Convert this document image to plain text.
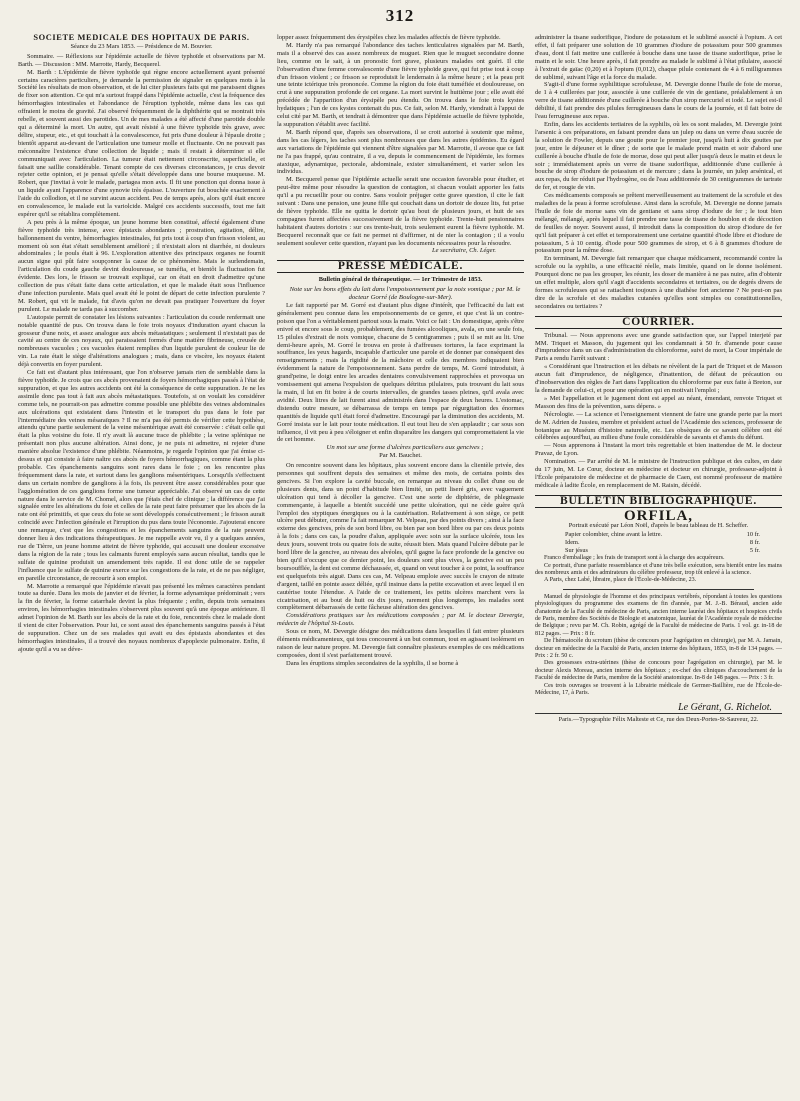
312
SOCIÉTÉ MÉDICALE DES HOPITAUX DE PARIS.
Séance du 23 Mars 1853. — Présidence de M. Bouvier.

Sommaire. — Réflexions sur l'épidémie actuelle de fièvre typhoïde et observations par M. Barth. — Discussion : MM. Marrotte, Hardy, Becquerel.

M. Barth : L'épidémie de fièvre typhoïde qui règne encore actuellement ayant présenté certains caractères particuliers, je demande la permission de signaler en quelques mots à la Société les résultats de mon observation, et de lui citer plusieurs faits qui me paraissent dignes de fixer son attention. Ce qui m'a surtout frappé dans l'épidémie actuelle, c'est la fréquence des hémorrhagies intestinales et l'abondance de l'éruption typhoïde, même dans les cas qui offraient le moins de gravité. J'ai observé fréquemment de la diphthérite qui se montrait très rebelle, et souvent aussi des parotides. Un de mes malades a été affecté d'une parotide double qui a déterminé la mort. Un autre, qui avait résisté à une fièvre typhoïde très grave, avec délire, stupeur, etc., et qui touchait à la convalescence, fut pris d'une douleur à l'épaule droite ; bientôt apparut au-devant de l'articulation une tumeur molle et fluctuante. On ne pouvait pas méconnaître l'existence d'une collection de liquide ; mais il restait à déterminer si elle communiquait avec l'articulation. La tumeur était nettement circonscrite, superficielle, et faisait une saillie considérable. Tenant compte de ces diverses circonstances, je crus devoir rejeter cette opinion, et je pensai qu'elle s'était développée dans une bourse muqueuse. M. Robert, que j'invitai à voir le malade, partagea mon avis. Il fit une ponction qui donna issue à un liquide ayant l'apparence d'une synovie très épaisse. L'ouverture fut bouchée exactement à l'aide du collodion, et il ne survint aucun accident. Peu de temps après, alors qu'il était encore en convalescence, le malade eut la variolcide. Malgré ces accidents successifs, tout me fait espérer qu'il se rétablira complètement.

A peu près à la même époque, un jeune homme bien constitué, affecté également d'une fièvre typhoïde très intense, avec épistaxis abondantes ; prostration, agitation, délire, ballonnement du ventre, hémorrhagies intestinales, fut pris tout à coup d'un frisson violent, au moment où son état s'était sensiblement amélioré ; il n'existait alors ni diarrhée, ni douleurs abdominales ; le pouls était à 96. L'exploration attentive des principaux organes ne fournit aucun signe qui pût faire soupçonner la cause de ce phénomène. Mais le surlendemain, l'articulation du coude gauche devint douloureuse, se tuméfia, et bientôt la fluctuation fut évidente. Des lors, le frisson se trouvait expliqué, car on était en droit d'admettre qu'une collection de pus s'était faite dans cette articulation, et que le malade était sous l'influence d'une infection purulente. Mais quel avait été le point de départ de cette infection purulente ? M. Robert, qui vit le malade, fut d'avis qu'on ne devait pas pratiquer l'ouverture du foyer purulent. Le malade ne tarda pas à succomber.

L'autopsie permit de constater les lésions suivantes : l'articulation du coude renfermait une notable quantité de pus. On trouva dans le foie trois noyaux d'induration ayant chacun la grosseur d'une noix, et assez analogue aux abcès métastatiques ; seulement il n'existait pas de cavité au centre de ces noyaux, qui paraissaient formés d'une matière fibrineuse, creusée de nombreuses vacuoles ; ces vacuoles étaient remplies d'un liquide purulent de couleur lie de vin. La rate était le siège d'altérations analogues ; mais, dans ce viscère, les noyaux étaient déjà convertis en foyer purulent.

Ce fait est d'autant plus intéressant, que l'on n'observe jamais rien de semblable dans la fièvre typhoïde. Je crois que ces abcès provenaient de foyers hémorrhagiques passés à l'état de suppuration, et que les autres accidents ont été la conséquence de cette suppuration. Je ne les assimile donc pas tout à fait aux abcès métastatiques. Toutefois, si on voulait les considérer comme tels, ne pourrait-on pas admettre comme possible une phlébite des veines abdominales aux ulcérations qui existaient dans l'intestin et le transport du pus dans le foie par l'intermédiaire des veines mésaraïques ? Il ne m'a pas été permis de vérifier cette hypothèse, attendu qu'une partie seulement de la veine mésentérique avait été conservée : c'était celle qui était la plus voisine du foie. Il n'y avait là aucune trace de phlébite ; la veine splénique ne présentait non plus aucune altération. Ainsi donc, je ne puis ni admettre, ni rejeter d'une manière absolue l'existence d'une phlébite. Néanmoins, je regarde l'opinion que j'ai émise ci-dessus et qui consiste à faire naître ces abcès de foyers hémorrhagiques, comme étant la plus probable. Ces épanchements sanguins sont rares dans le foie ; on les rencontre plus fréquemment dans la rate, et surtout dans les ganglions mésentériques. Lorsqu'ils s'effectuent dans un certain nombre de ganglions à la fois, ils peuvent être assez considérables pour que l'agglomération de ces ganglions forme une tumeur appréciable. J'ai observé un cas de cette nature dans le service de M. Chomel, alors que j'étais chef de clinique ; la différence que j'ai signalée entre les altérations du foie et celles de la rate peut faire présumer que les abcès de la rate ont été primitifs, et que ceux du foie se sont développés consécutivement ; le frisson aurait coïncidé avec l'infection générale et l'irruption du pus dans toute l'économie. J'ajouterai encore une remarque, c'est que les congestions et les épanchements sanguins de la rate peuvent donner lieu à des indications thérapeutiques. Je me rappelle avoir vu, il y a quelques années, rue de Tièrre, un jeune homme atteint de fièvre typhoïde, qui accusait une douleur excessive dans la région de la rate ; tous les calmants furent employés sans aucun résultat, tandis que le sulfate de quinine produisit un amendement très rapide. Il est donc utile de se rappeler l'influence que le sulfate de quinine exerce sur les congestions de la rate, et de ne pas négliger, en pareille circonstance, de recourir à son emploi.

M. Marrotte a remarqué que l'épidémie n'avait pas présenté les mêmes caractères pendant toute sa durée. Dans les mois de janvier et de février, la forme adynamique prédominait ; vers la fin de février, la forme catarrhale devint la plus fréquente ; enfin, depuis trois semaines environ, les hémorrhagies intestinales s'observent plus souvent qu'à une époque antérieure. Il admet l'opinion de M. Barth sur les abcès de la rate et du foie, rencontrés chez le malade dont il vient de citer l'observation. Pour lui, ce sont aussi des épanchements sanguins passés à l'état de suppuration. Chez un de ses malades qui avait eu des épistaxis abondantes et des hémorrhagies intestinales, il a trouvé des noyaux nombreux d'apoplexie pulmonaire. Enfin, il ajoute qu'il a vu se déve-

lopper assez fréquemment des érysipèles chez les malades affectés de fièvre typhoïde.

M. Hardy n'a pas remarqué l'abondance des taches lenticulaires signalées par M. Barth, mais il a observé des cas assez nombreux de muguet. Rien que le muguet secondaire donne lieu, comme on le sait, à un pronostic fort grave, plusieurs malades ont guéri. Il cite l'observation d'une femme convalescente d'une fièvre typhoïde grave, qui fut prise tout à coup d'un frisson violent ; ce frisson se reproduisit le lendemain à la même heure ; et la peau prit une teinte ictérique très prononcée. Comme la région du foie était tuméfiée et douloureuse, on crut à une suppuration profonde de cet organe. La mort survint le huitième jour ; elle avait été précédée de l'apparition d'un érysipèle peu étendu. On trouva dans le foie trois kystes hydatiques ; l'un de ces kystes contenait du pus. Ce fait, selon M. Hardy, viendrait à l'appui de celui cité par M. Barth, et tendrait à démontrer que dans l'épidémie actuelle de fièvre typhoïde, la suppuration s'établit avec facilité.

M. Barth répond que, d'après ses observations, il se croit autorisé à soutenir que même, dans les cas légers, les taches sont plus nombreuses que dans les autres épidémies. Eu égard aux variations de l'épidémie qui viennent d'être signalées par M. Marrotte, il avoue que ce fait ne l'a pas frappé, qu'au contraire, il a vu, depuis le commencement de l'épidémie, les formes ataxique, adynamique, pectorale, abdominale, exister simultanément, et varier selon les individus.

M. Becquerel pense que l'épidémie actuelle serait une occasion favorable pour étudier, et peut-être même pour résoudre la question de contagion, si chacun voulait apporter les faits qu'il a pu recueillir pour ou contre. Sans vouloir préjuger cette grave question, il cite le fait suivant : Dans une pension, une jeune fille qui couchait dans un dortoir de douze lits, fut prise de fièvre typhoïde. Elle ne quitta le dortoir qu'au bout de plusieurs jours, et huit de ses compagnes furent affectées successivement de la fièvre typhoïde. Trente-huit pensionnaires habitaient d'autres dortoirs : sur ces trente-huit, trois seulement eurent la fièvre typhoïde. M. Becquerel reconnaît que ce fait ne permet ni d'affirmer, ni de nier la contagion ; il a voulu seulement soulever cette question, n'ayant pas les documents nécessaires pour la résoudre.

Le secrétaire, Ch. Léger.

PRESSE MÉDICALE.
Bulletin général de thérapeutique. — 1er Trimestre de 1853.

Note sur les bons effets du lait dans l'empoisonnement par la noix vomique ; par M. le docteur Gorré (de Boulogne-sur-Mer).

Le fait rapporté par M. Gorré est d'autant plus digne d'intérêt, que l'efficacité du lait est généralement peu connue dans les empoisonnements de ce genre, et que c'est là un contre-poison que l'on a véritablement partout sous la main. Voici ce fait : Un domestique, après s'être enivré et encore sous le coup, probablement, des fumées alcooliques, avala, en une seule fois, 15 pilules d'extrait de noix vomique, chacune de 5 centigrammes ; puis il se mit au lit. Une demi-heure après, M. Gorré le trouva en proie à d'affreuses tortures, la face exprimant la souffrance, les yeux hagards, incapable d'articuler une parole et de donner par conséquent des renseignements ; mais la rigidité de la mâchoire et celle des membres indiquaient bien évidemment la nature de l'empoisonnement. Sans perdre de temps, M. Gorré introduisit, à grand'peine, le doigt entre les arcades dentaires convulsivement rapprochées et provoqua un vomissement qui amena l'expulsion de quelques détritus pilulaires, puis trouvant du lait sous la main, il lui en fit boire à de courts intervalles, de grandes tasses pleines, qu'il avala avec avidité. Deux litres de lait furent ainsi administrés dans l'espace de deux heures. L'estomac, distendu outre mesure, se débarrassa de temps en temps par régurgitation des énormes quantités de liquide qu'il était forcé d'admettre. Encouragé par la diminution des accidents, M. Gorré insista sur le lait pour toute médication. Il eut tout lieu de s'en applaudir ; car sous son influence, il vit peu à peu s'éloigner et enfin disparaître les dangers qui compromettaient la vie de cet homme.

Un mot sur une forme d'ulcères particuliers aux gencives ;

Par M. Bauchet.

On rencontre souvent dans les hôpitaux, plus souvent encore dans la clientèle privée, des personnes qui souffrent depuis des semaines et même des mois, de certains points des gencives. Si l'on explore la cavité buccale, on remarque au niveau du collet d'une ou de plusieurs dents, dans un point d'habitude bien limité, un petit liseré gris, avec vaguement ulcération qui tend à décoller la gencive. C'est une sorte de diphtérie, de phlegmasie commençante, à laquelle a bientôt succédé une petite ulcération, qui ne cède guère qu'à l'emploi des styptiques énergiques ou à la cautérisation. Relativement à son siège, ce petit ulcère peut débuter, comme l'a fait remarquer M. Velpeau, par des points divers ; ainsi à la face externe des gencives, près de son bord libre, ou bien par son bord libre ou par ces deux points à la fois ; dans ces cas, la poudre d'alun, appliquée avec soin sur la surface ulcérée, tous les deux jours, souvent trois ou quatre fois de suite, réussit bien. Mais quand l'ulcère débute par le bord libre de la gencive, au niveau des alvéoles, qu'il gagne la face profonde de la gencive ou bien qu'il n'occupe que ce dernier point, les douleurs sont plus vives, la gencive est un peu boursoufflée, la dent est comme déchaussée, et, quand on veut toucher à ce point, la souffrance est quelquefois très aiguë. Dans ces cas, M. Velpeau emploie avec succès le crayon de nitrate d'argent, taillé en pointe assez déliée, qu'il insinue dans la petite excavation et avec lequel il en cautérise toute l'étendue. A l'aide de ce traitement, les petits ulcères marchent vers la cicatrisation, et au bout de huit ou dix jours, rarement plus longtemps, les malades sont complètement débarrassés de cette fâcheuse altération des gencives.

Considérations pratiques sur les médications composées ; par M. le docteur Devergie, médecin de l'hôpital St-Louis.

Sous ce nom, M. Devergie désigne des médications dans lesquelles il fait entrer plusieurs éléments médicamenteux, qui tous concourent à un but commun, tout en agissant isolément en raison de leur nature propre. M. Devergie fait connaître plusieurs exemples de ces médications composées, dont il s'est parfaitement trouvé.

Dans les éruptions simples secondaires de la syphilis, il se borne à

administrer la tisane sudorifique, l'iodure de potassium et le sublimé associé à l'opium. A cet effet, il fait préparer une solution de 10 grammes d'iodure de potassium pour 500 grammes d'eau, dont il fait mettre une cuillerée à bouche dans une tasse de tisane sudorifique, prise le matin et le soir. Une heure après, il fait prendre au malade le sublimé à l'état pilulaire, associé à l'extrait de gaïac (0,20) et à l'opium (0,012), chaque pilule contenant de 4 à 6 milligrammes de sublimé, suivant l'âge et la force du malade.

S'agit-il d'une forme syphilitique scrofuleuse, M. Devergie donne l'huile de foie de morue, de 1 à 4 cuillerées par jour, associée à une cuillerée de vin de gentiane, préalablement à un verre de tisane additionnée d'une cuillerée à bouche d'un sirop mercuriel et iodé. Le sujet est-il débilité, il fait prendre des pilules ferrugineuses dans le cours de la journée, et il fait boire de l'eau ferrugineuse aux repas.

Enfin, dans les accidents tertiaires de la syphilis, où les os sont malades, M. Devergie joint l'arsenic à ces préparations, en faisant prendre dans un julep ou dans un verre d'eau sucrée de la solution de Fowler, depuis une goutte pour le premier jour, jusqu'à huit à dix gouttes par jour, entre le déjeuner et le dîner ; de sorte que le malade prend matin et soir d'abord une cuillerée à bouche d'huile de foie de morue, dose qui peut aller jusqu'à deux le matin et deux le soir ; immédiatement après un verre de tisane sudorifique, additionnée d'une cuillerée à bouche de sirop d'iodure de potassium et de mercure ; dans la journée, un julep arsénical, et aux repas, du fer réduit par l'hydrogène, ou de l'eau additionnée de 30 centigrammes de tartrate de fer, et rougie de vin.

Ces médicaments composés se prêtent merveilleusement au traitement de la scrofule et des maladies de la peau à forme scrofuleuse. Ainsi dans la scrofule, M. Devergie ne donne jamais l'huile de foie de morue sans vin de gentiane et sans sirop d'iodure de fer ; le tout bien mélangé, mélangé, après lequel il fait prendre une tasse de tisane de houblon et de décoction de feuilles de noyer. Souvent aussi, il introduit dans la composition du sirop d'iodure de fer qu'il fait préparer à cet effet et temporairement une certaine quantité d'iode libre et d'iodure de potassium, 5 à 10 centig. d'iode pour 500 grammes de sirop, et 6 à 8 grammes d'iodure de potassium pour la même dose.

En terminant, M. Devergie fait remarquer que chaque médicament, recommandé contre la scrofule ou la syphilis, a une efficacité réelle, mais limitée, quand on le donne isolément. Pourquoi donc ne pas les grouper, les réunir, les doser de manière à ne pas nuire, afin d'obtenir un effet multiple, alors qu'il s'agit d'accidents secondaires et tertiaires, ou de degrés divers de formes scrofuleuses qui se rattachent toujours à une diathèse fort ancienne ? Ne peut-on pas dire de la scrofule et des maladies cutanées qu'elles sont simples ou constitutionnelles, secondaires ou tertiaires ?

COURRIER.

Tribunal. — Nous apprenons avec une grande satisfaction que, sur l'appel interjeté par MM. Triquet et Masson, du jugement qui les condamnait à 50 fr. d'amende pour cause d'imprudence dans un cas d'administration du chloroforme, suivi de mort, la Cour impériale de Paris a rendu l'arrêt suivant :

« Considérant que l'instruction et les débats ne révèlent de la part de Triquet et de Masson aucun fait d'imprudence, de négligence, d'inattention, de défaut de précaution ou d'inobservation des règles de l'art dans l'application du chloroforme par eux faite à Breton, sur la demande de celui-ci, et pour une opération qui en motivait l'emploi ;

» Met l'appellation et le jugement dont est appel au néant, émendant, renvoie Triquet et Masson des fins de la prévention, sans dépens. »

Nécrologie. — La science et l'enseignement viennent de faire une grande perte par la mort de M. Adrien de Jussieu, membre et président actuel de l'Académie des sciences, professeur de botanique au Muséum d'histoire naturelle, etc. Les obsèques de ce savant célèbre ont été célébrées aujourd'hui, au milieu d'une foule considérable de savants et d'amis du défunt.

— Nous apprenons à l'instant la mort très regrettable et bien inattendue de M. le docteur Pravaz, de Lyon.

Nomination. — Par arrêté de M. le ministre de l'instruction publique et des cultes, en date du 17 juin, M. Le Cœur, docteur en médecine et docteur en chirurgie, professeur-adjoint à l'École préparatoire de médecine et de pharmacie de Caen, est nommé professeur de matière médicale à ladite École, en remplacement de M. Raisin, décédé.

BULLETIN BIBLIOGRAPHIQUE.
ORFILA,
Portrait exécuté par Léon Noël, d'après le beau tableau de H. Scheffer.
Papier colombier, chine avant la lettre.	10 fr.
Idem.	8 fr.
Sur jésus	5 fr.

Franco d'emballage ; les frais de transport sont à la charge des acquéreurs.

Ce portrait, d'une parfaite ressemblance et d'une très belle exécution, sera bientôt entre les mains des nombreux amis et des admirateurs du célèbre professeur, trop tôt enlevé à la science.

A Paris, chez Labé, libraire, place de l'École-de-Médecine, 23.

Manuel de physiologie de l'homme et des principaux vertébrés, répondant à toutes les questions physiologiques du programme des examens de fin d'année, par M. J.-B. Béraud, ancien aide d'anatomie de la Faculté de médecine de Paris, ancien interne lauréat des hôpitaux et hospices civils de Paris, membre des Sociétés de Biologie et anatomique, lauréat de l'Académie royale de médecine de Belgique ; revu par M. Ch. Robin, agrégé de la Faculté de médecine de Paris. 1 vol. gr. in-18 de 812 pages. — Prix : 8 fr.

De l'hématocèle du scrotum (thèse de concours pour l'agrégation en chirurgie), par M. A. Jamain, docteur en médecine de la Faculté de Paris, ancien interne des hôpitaux, 1853, in-8 de 134 pages. — Prix : 2 fr. 50 c.

Des grossesses extra-utérines (thèse de concours pour l'agrégation en chirurgie), par M. le docteur Alexis Moreau, ancien interne des hôpitaux ; ex-chef des cliniques d'accouchement de la Faculté de médecine de Paris, membre de la Société anatomique. In-8 de 148 pages. — Prix : 3 fr.

Ces trois ouvrages se trouvent à la Librairie médicale de Germer-Baillière, rue de l'École-de-Médecine, 17, à Paris.

Le Gérant, G. Richelot.
Paris.—Typographie Félix Malteste et Ce, rue des Deux-Portes-St-Sauveur, 22.
